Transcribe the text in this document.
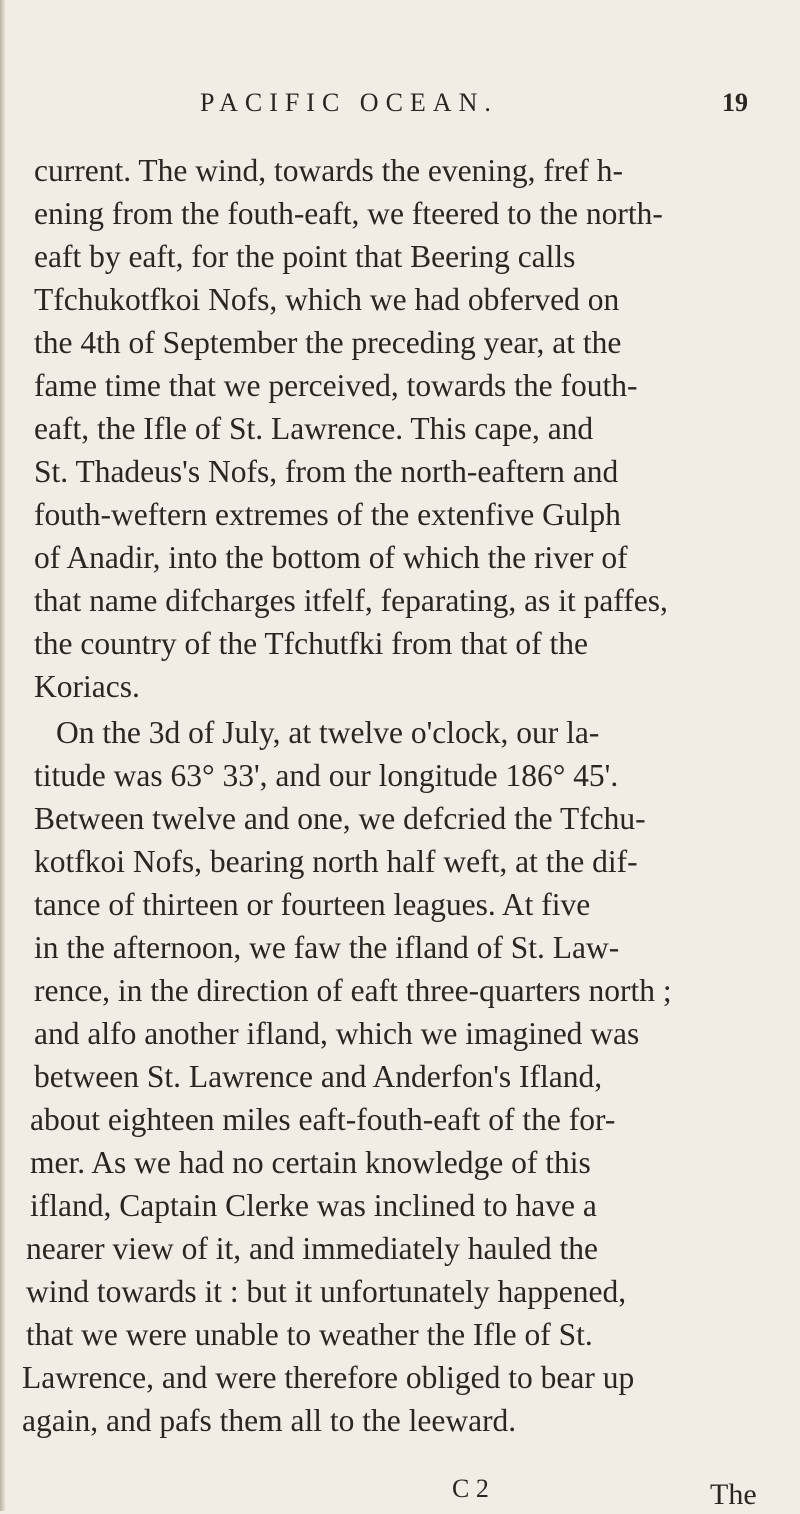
PACIFIC OCEAN.	19
current. The wind, towards the evening, fref h-
ening from the fouth-eaft, we fteered to the north-
eaft by eaft, for the point that Beering calls
Tfchukotfkoi Nofs, which we had obferved on
the 4th of September the preceding year, at the
fame time that we perceived, towards the fouth-
eaft, the Ifle of St. Lawrence. This cape, and
St. Thadeus's Nofs, from the north-eaftern and
fouth-weftern extremes of the extenfive Gulph
of Anadir, into the bottom of which the river of
that name difcharges itfelf, feparating, as it paffes,
the country of the Tfchutfki from that of the
Koriacs.
On the 3d of July, at twelve o'clock, our la-
titude was 63° 33', and our longitude 186° 45'.
Between twelve and one, we defcried the Tfchu-
kotfkoi Nofs, bearing north half weft, at the dif-
tance of thirteen or fourteen leagues. At five
in the afternoon, we faw the ifland of St. Law-
rence, in the direction of eaft three-quarters north ;
and alfo another ifland, which we imagined was
between St. Lawrence and Anderfon's Ifland,
about eighteen miles eaft-fouth-eaft of the for-
mer. As we had no certain knowledge of this
ifland, Captain Clerke was inclined to have a
nearer view of it, and immediately hauled the
wind towards it : but it unfortunately happened,
that we were unable to weather the Ifle of St.
Lawrence, and were therefore obliged to bear up
again, and pafs them all to the leeward.
C 2	The
